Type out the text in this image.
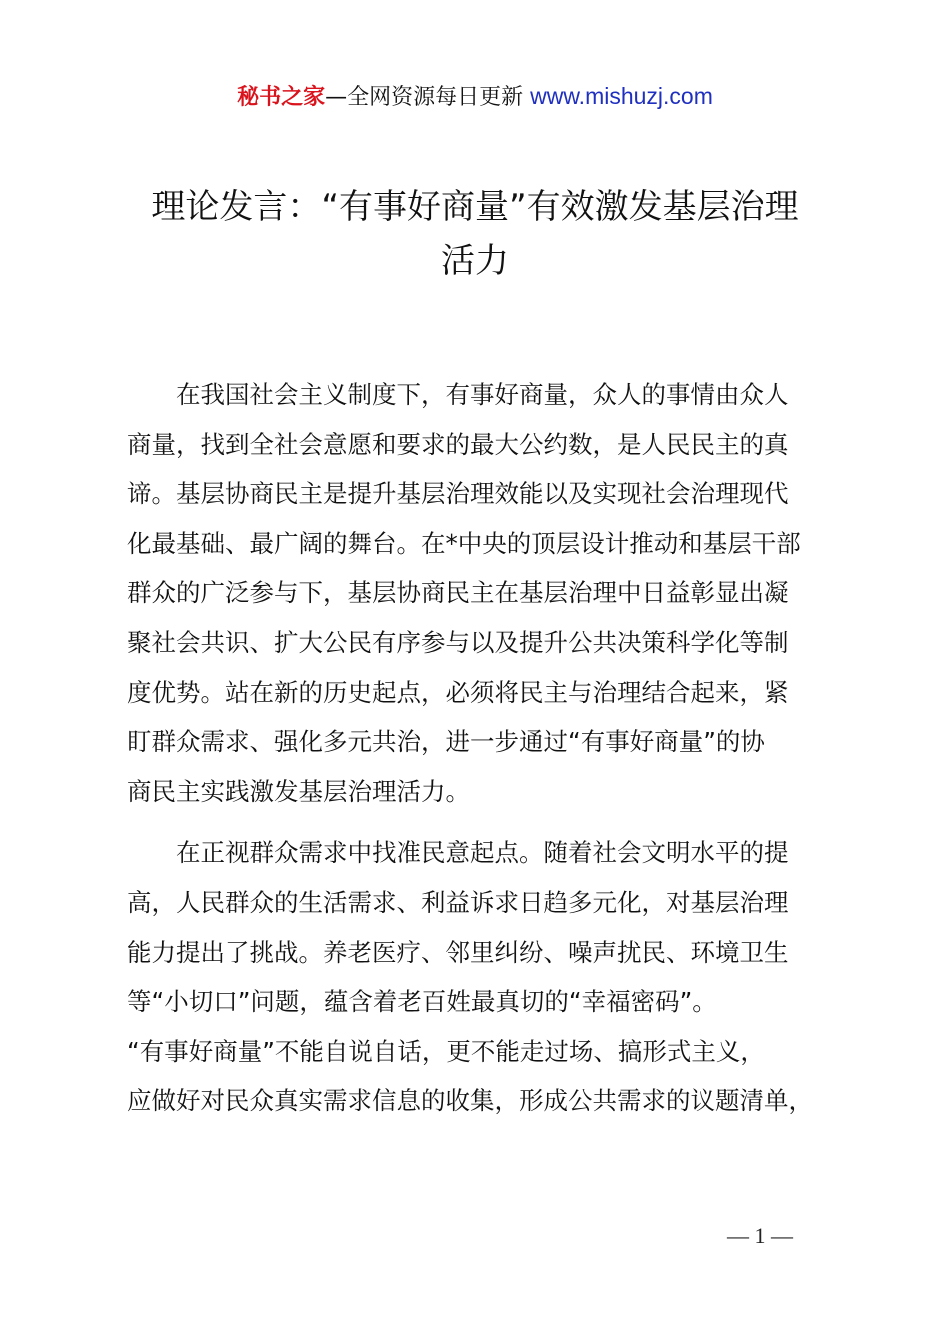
秘书之家—全网资源每日更新 www.mishuzj.com
理论发言：“有事好商量”有效激发基层治理
活力
　　在我国社会主义制度下，有事好商量，众人的事情由众人
商量，找到全社会意愿和要求的最大公约数，是人民民主的真
谛。基层协商民主是提升基层治理效能以及实现社会治理现代
化最基础、最广阔的舞台。在*中央的顶层设计推动和基层干部
群众的广泛参与下，基层协商民主在基层治理中日益彰显出凝
聚社会共识、扩大公民有序参与以及提升公共决策科学化等制
度优势。站在新的历史起点，必须将民主与治理结合起来，紧
盯群众需求、强化多元共治，进一步通过“有事好商量”的协
商民主实践激发基层治理活力。
　　在正视群众需求中找准民意起点。随着社会文明水平的提
高，人民群众的生活需求、利益诉求日趋多元化，对基层治理
能力提出了挑战。养老医疗、邻里纠纷、噪声扰民、环境卫生
等“小切口”问题，蕴含着老百姓最真切的“幸福密码”。
“有事好商量”不能自说自话，更不能走过场、搞形式主义，
应做好对民众真实需求信息的收集，形成公共需求的议题清单，
— 1 —
